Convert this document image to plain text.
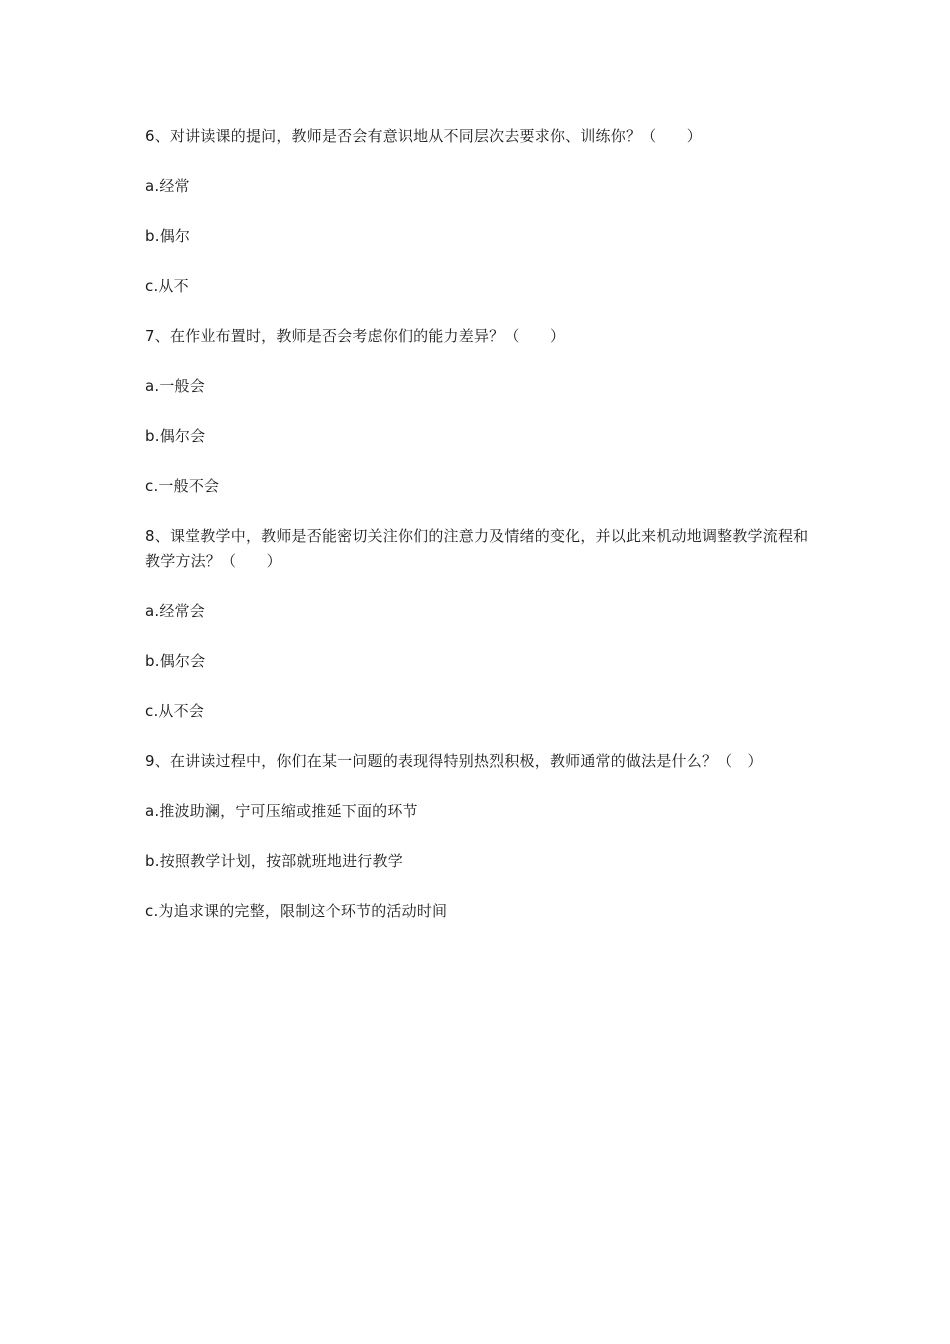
6、对讲读课的提问，教师是否会有意识地从不同层次去要求你、训练你？（　　）

a.经常

b.偶尔

c.从不

7、在作业布置时，教师是否会考虑你们的能力差异？（　　）

a.一般会

b.偶尔会

c.一般不会

8、课堂教学中，教师是否能密切关注你们的注意力及情绪的变化，并以此来机动地调整教学流程和教学方法？（　　）

a.经常会

b.偶尔会

c.从不会

9、在讲读过程中，你们在某一问题的表现得特别热烈积极，教师通常的做法是什么？（　）

a.推波助澜，宁可压缩或推延下面的环节

b.按照教学计划，按部就班地进行教学

c.为追求课的完整，限制这个环节的活动时间
